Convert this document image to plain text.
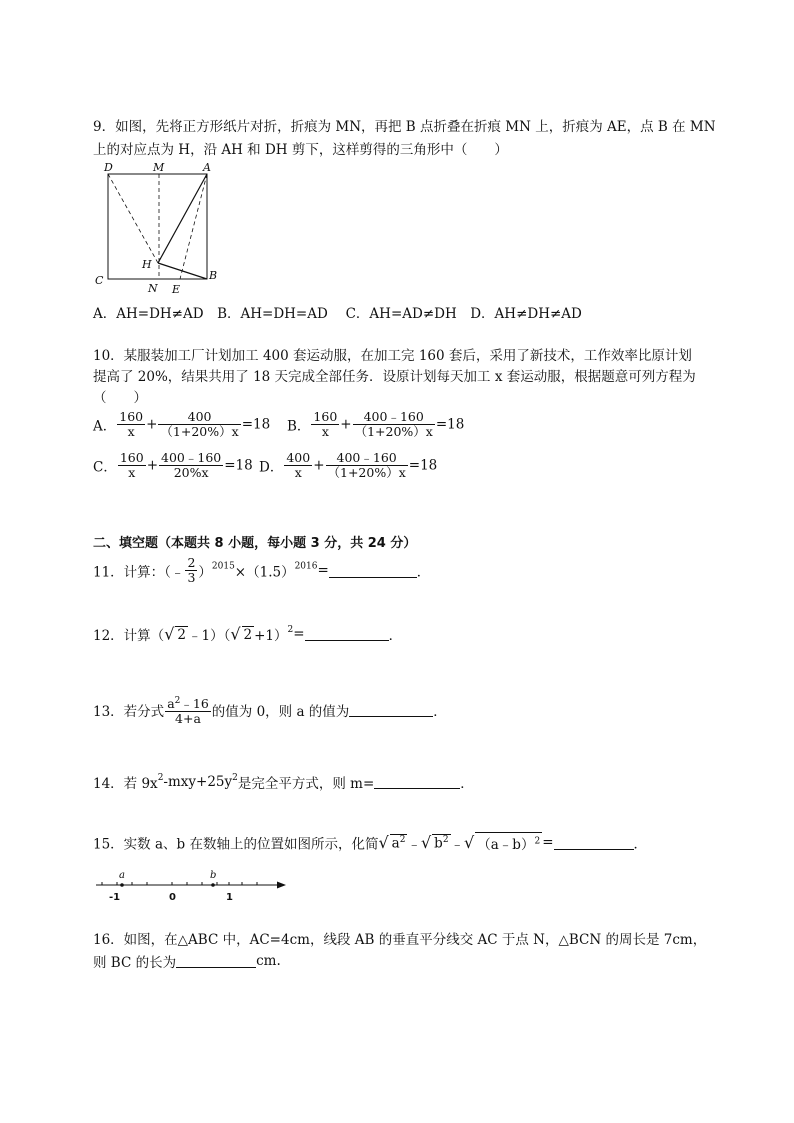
9．如图，先将正方形纸片对折，折痕为 MN，再把 B 点折叠在折痕 MN 上，折痕为 AE，点 B 在 MN
上的对应点为 H，沿 AH 和 DH 剪下，这样剪得的三角形中（　　）
D	M	A
H
B
C
N E
A．AH=DH≠AD　B．AH=DH=AD　 C．AH=AD≠DH　D．AH≠DH≠AD
10．某服装加工厂计划加工 400 套运动服，在加工完 160 套后，采用了新技术，工作效率比原计划
提高了 20%，结果共用了 18 天完成全部任务．设原计划每天加工 x 套运动服，根据题意可列方程为
（　　）
A． $\frac{160}{x} + \frac{400}{(1+20\%)x} =18$ B． $\frac{160}{x} + \frac{400﹣160}{(1+20\%)x} =18$
C． $\frac{160}{x} + \frac{400﹣160}{20\%x} =18$ D． $\frac{400}{x} + \frac{400﹣160}{(1+20\%)x} =18$
二、填空题（本题共 8 小题，每小题 3 分，共 24 分）
11．计算：（﹣ $\frac{2}{3} )^{2015}\times(1.5)^{2016}=$	．
12．计算（√ 2 ﹣1）（√ 2 +1）$^2$=	．
13．若分式 $\frac{a^2﹣16}{4+a}$ 的值为 0，则 a 的值为	．
14．若 $9x^2-mxy+25y^2$是完全平方式，则 m=	．
15．实数 a、b 在数轴上的位置如图所示，化简√ $a^2$ ﹣√ $b^2$ ﹣√ （a﹣b）$^2$ =	．
a	b
-1	0	1
16．如图，在△ABC 中，AC=4cm，线段 AB 的垂直平分线交 AC 于点 N，△BCN 的周长是 7cm，
则 BC 的长为	cm.
